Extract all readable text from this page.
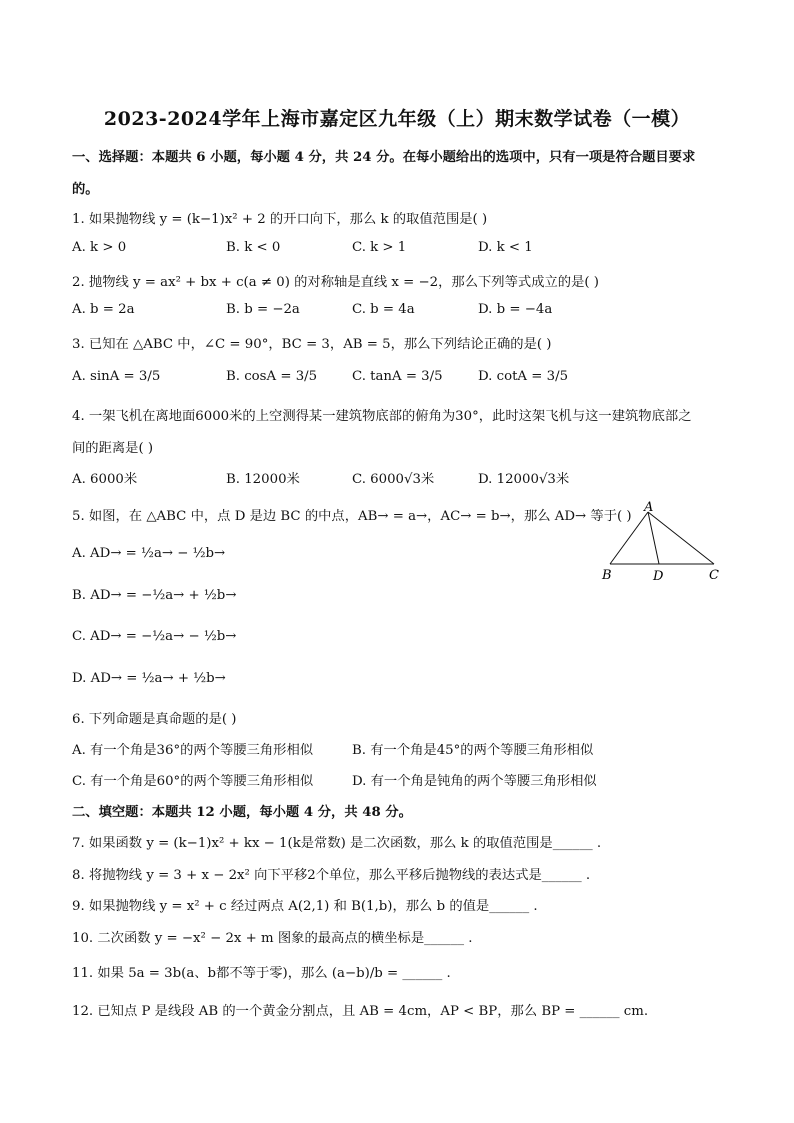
2023-2024学年上海市嘉定区九年级（上）期末数学试卷（一模）
一、选择题：本题共 6 小题，每小题 4 分，共 24 分。在每小题给出的选项中，只有一项是符合题目要求
的。
1. 如果抛物线 y = (k−1)x² + 2 的开口向下，那么 k 的取值范围是( )
A. k > 0	B. k < 0	C. k > 1	D. k < 1
2. 抛物线 y = ax² + bx + c(a ≠ 0) 的对称轴是直线 x = −2，那么下列等式成立的是( )
A. b = 2a	B. b = −2a	C. b = 4a	D. b = −4a
3. 已知在 △ABC 中，∠C = 90°，BC = 3，AB = 5，那么下列结论正确的是( )
A. sinA = 3/5	B. cosA = 3/5	C. tanA = 3/5	D. cotA = 3/5
4. 一架飞机在离地面6000米的上空测得某一建筑物底部的俯角为30°，此时这架飞机与这一建筑物底部之
间的距离是( )
A. 6000米	B. 12000米	C. 6000√3米	D. 12000√3米
5. 如图，在 △ABC 中，点 D 是边 BC 的中点，AB→ = a→，AC→ = b→，那么 AD→ 等于( )
A. AD→ = ½a→ − ½b→
B. AD→ = −½a→ + ½b→
C. AD→ = −½a→ − ½b→
D. AD→ = ½a→ + ½b→
A
B	D	C
6. 下列命题是真命题的是( )
A. 有一个角是36°的两个等腰三角形相似	B. 有一个角是45°的两个等腰三角形相似
C. 有一个角是60°的两个等腰三角形相似	D. 有一个角是钝角的两个等腰三角形相似
二、填空题：本题共 12 小题，每小题 4 分，共 48 分。
7. 如果函数 y = (k−1)x² + kx − 1(k是常数) 是二次函数，那么 k 的取值范围是______ .
8. 将抛物线 y = 3 + x − 2x² 向下平移2个单位，那么平移后抛物线的表达式是______ .
9. 如果抛物线 y = x² + c 经过两点 A(2,1) 和 B(1,b)，那么 b 的值是______ .
10. 二次函数 y = −x² − 2x + m 图象的最高点的横坐标是______ .
11. 如果 5a = 3b(a、b都不等于零)，那么 (a−b)/b = ______ .
12. 已知点 P 是线段 AB 的一个黄金分割点，且 AB = 4cm，AP < BP，那么 BP = ______ cm.
